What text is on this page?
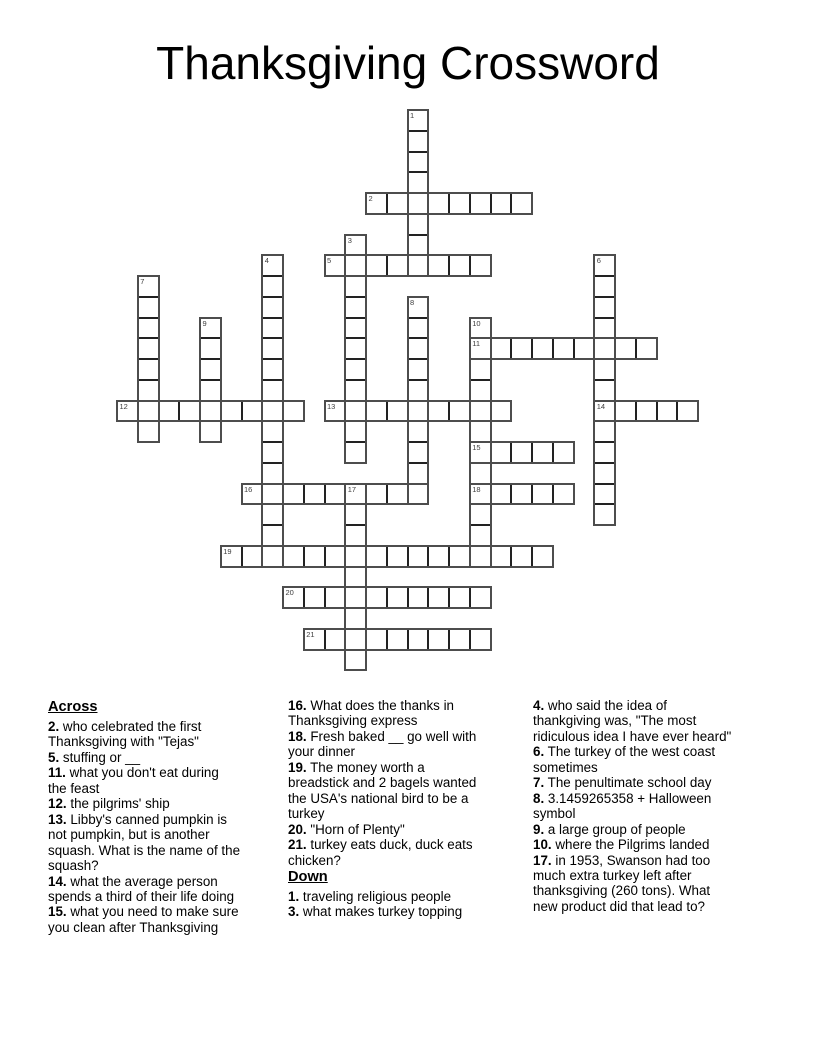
Thanksgiving Crossword
1
2
3
4	5	6
14
7
8
9	10
11
15
18
12	13
16	17
19
20
21
Across
2. who celebrated the first
Thanksgiving with "Tejas"
5. stuffing or __
11. what you don't eat during
the feast
12. the pilgrims' ship
13. Libby's canned pumpkin is
not pumpkin, but is another
squash. What is the name of the
squash?
14. what the average person
spends a third of their life doing
15. what you need to make sure
you clean after Thanksgiving
16. What does the thanks in
Thanksgiving express
18. Fresh baked __ go well with
your dinner
19. The money worth a
breadstick and 2 bagels wanted
the USA's national bird to be a
turkey
20. "Horn of Plenty"
21. turkey eats duck, duck eats
chicken?
Down
1. traveling religious people
3. what makes turkey topping
4. who said the idea of
thankgiving was, "The most
ridiculous idea I have ever heard"
6. The turkey of the west coast
sometimes
7. The penultimate school day
8. 3.1459265358 + Halloween
symbol
9. a large group of people
10. where the Pilgrims landed
17. in 1953, Swanson had too
much extra turkey left after
thanksgiving (260 tons). What
new product did that lead to?
